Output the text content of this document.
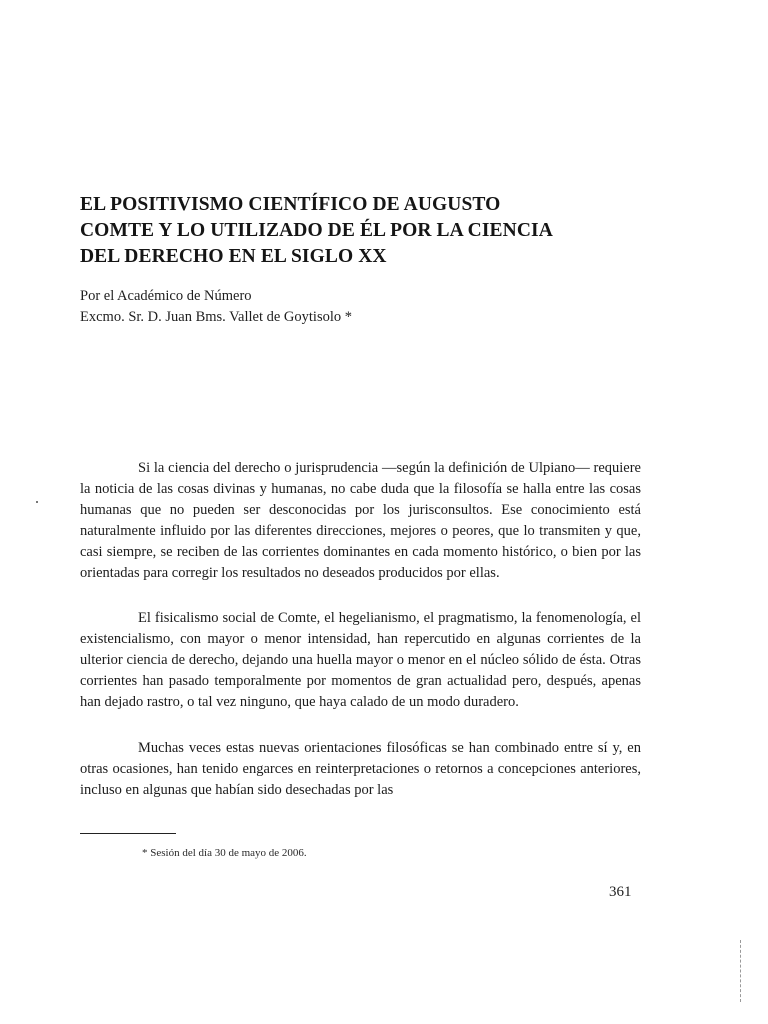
EL POSITIVISMO CIENTÍFICO DE AUGUSTO
COMTE Y LO UTILIZADO DE ÉL POR LA CIENCIA
DEL DERECHO EN EL SIGLO XX
Por el Académico de Número
Excmo. Sr. D. Juan Bms. Vallet de Goytisolo *

Si la ciencia del derecho o jurisprudencia —según la definición de Ulpiano— requiere la noticia de las cosas divinas y humanas, no cabe duda que la filosofía se halla entre las cosas humanas que no pueden ser desconocidas por los jurisconsultos. Ese conocimiento está naturalmente influido por las diferentes direcciones, mejores o peores, que lo transmiten y que, casi siempre, se reciben de las corrientes dominantes en cada momento histórico, o bien por las orientadas para corregir los resultados no deseados producidos por ellas.

El fisicalismo social de Comte, el hegelianismo, el pragmatismo, la fenomenología, el existencialismo, con mayor o menor intensidad, han repercutido en algunas corrientes de la ulterior ciencia de derecho, dejando una huella mayor o menor en el núcleo sólido de ésta. Otras corrientes han pasado temporalmente por momentos de gran actualidad pero, después, apenas han dejado rastro, o tal vez ninguno, que haya calado de un modo duradero.

Muchas veces estas nuevas orientaciones filosóficas se han combinado entre sí y, en otras ocasiones, han tenido engarces en reinterpretaciones o retornos a concepciones anteriores, incluso en algunas que habían sido desechadas por las

* Sesión del día 30 de mayo de 2006.
361
